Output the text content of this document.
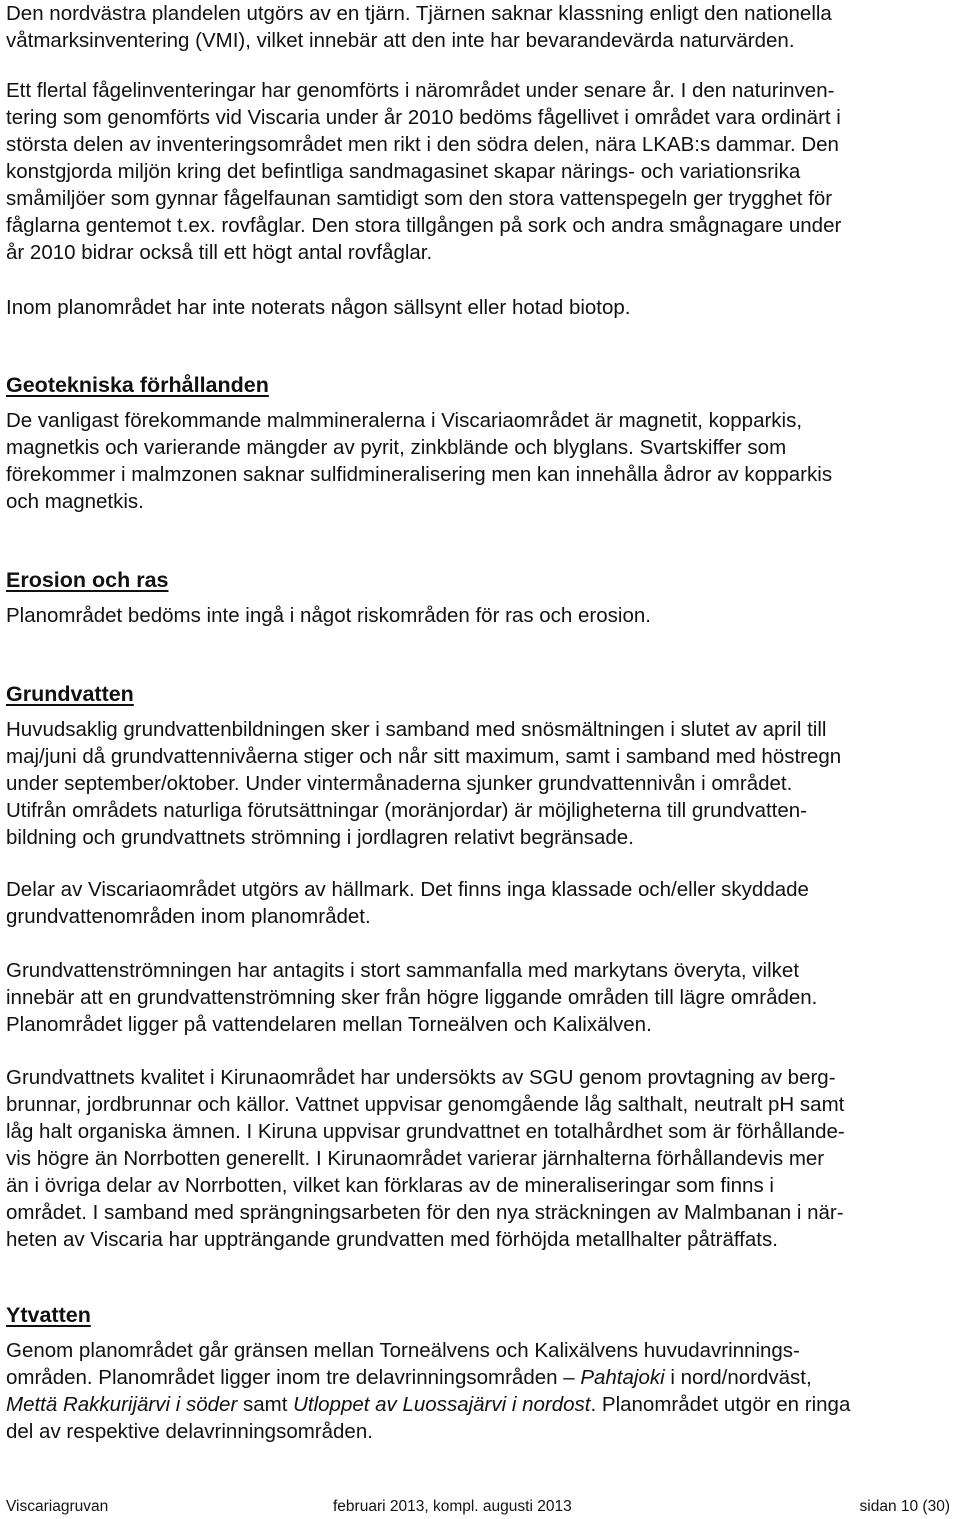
Den nordvästra plandelen utgörs av en tjärn. Tjärnen saknar klassning enligt den nationella

våtmarksinventering (VMI), vilket innebär att den inte har bevarandevärda naturvärden.

Ett flertal fågelinventeringar har genomförts i närområdet under senare år. I den naturinven-

tering som genomförts vid Viscaria under år 2010 bedöms fågellivet i området vara ordinärt i

största delen av inventeringsområdet men rikt i den södra delen, nära LKAB:s dammar. Den

konstgjorda miljön kring det befintliga sandmagasinet skapar närings- och variationsrika

småmiljöer som gynnar fågelfaunan samtidigt som den stora vattenspegeln ger trygghet för

fåglarna gentemot t.ex. rovfåglar. Den stora tillgången på sork och andra smågnagare under

år 2010 bidrar också till ett högt antal rovfåglar.

Inom planområdet har inte noterats någon sällsynt eller hotad biotop.

Geotekniska förhållanden

De vanligast förekommande malmmineralerna i Viscariaområdet är magnetit, kopparkis,

magnetkis och varierande mängder av pyrit, zinkblände och blyglans. Svartskiffer som

förekommer i malmzonen saknar sulfidmineralisering men kan innehålla ådror av kopparkis

och magnetkis.

Erosion och ras

Planområdet bedöms inte ingå i något riskområden för ras och erosion.

Grundvatten

Huvudsaklig grundvattenbildningen sker i samband med snösmältningen i slutet av april till

maj/juni då grundvattennivåerna stiger och når sitt maximum, samt i samband med höstregn

under september/oktober. Under vintermånaderna sjunker grundvattennivån i området.

Utifrån områdets naturliga förutsättningar (moränjordar) är möjligheterna till grundvatten-

bildning och grundvattnets strömning i jordlagren relativt begränsade.

Delar av Viscariaområdet utgörs av hällmark. Det finns inga klassade och/eller skyddade

grundvattenområden inom planområdet.

Grundvattenströmningen har antagits i stort sammanfalla med markytans överyta, vilket

innebär att en grundvattenströmning sker från högre liggande områden till lägre områden.

Planområdet ligger på vattendelaren mellan Torneälven och Kalixälven.

Grundvattnets kvalitet i Kirunaområdet har undersökts av SGU genom provtagning av berg-

brunnar, jordbrunnar och källor. Vattnet uppvisar genomgående låg salthalt, neutralt pH samt

låg halt organiska ämnen. I Kiruna uppvisar grundvattnet en totalhårdhet som är förhållande-

vis högre än Norrbotten generellt. I Kirunaområdet varierar järnhalterna förhållandevis mer

än i övriga delar av Norrbotten, vilket kan förklaras av de mineraliseringar som finns i

området. I samband med sprängningsarbeten för den nya sträckningen av Malmbanan i när-

heten av Viscaria har uppträngande grundvatten med förhöjda metallhalter påträffats.

Ytvatten

Genom planområdet går gränsen mellan Torneälvens och Kalixälvens huvudavrinnings-

områden. Planområdet ligger inom tre delavrinningsområden – Pahtajoki i nord/nordväst,

Mettä Rakkurijärvi i söder samt Utloppet av Luossajärvi i nordost. Planområdet utgör en ringa

del av respektive delavrinningsområden.

Viscariagruvan	februari 2013, kompl. augusti 2013	sidan 10 (30)
